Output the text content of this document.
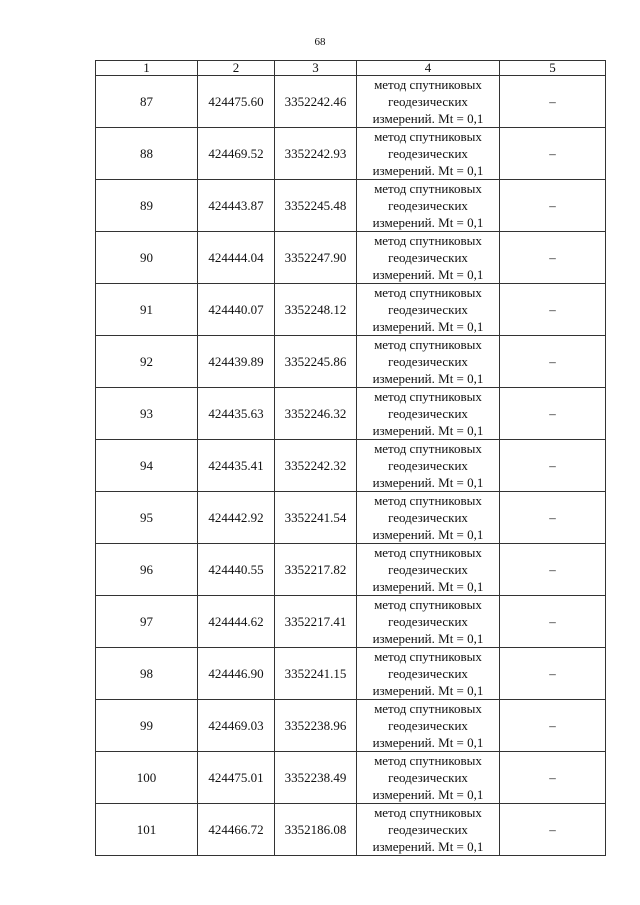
68
1	2	3	4	5
87	424475.60	3352242.46	метод спутниковых
геодезических
измерений. Mt = 0,1	–
88	424469.52	3352242.93	метод спутниковых
геодезических
измерений. Mt = 0,1	–
89	424443.87	3352245.48	метод спутниковых
геодезических
измерений. Mt = 0,1	–
90	424444.04	3352247.90	метод спутниковых
геодезических
измерений. Mt = 0,1	–
91	424440.07	3352248.12	метод спутниковых
геодезических
измерений. Mt = 0,1	–
92	424439.89	3352245.86	метод спутниковых
геодезических
измерений. Mt = 0,1	–
93	424435.63	3352246.32	метод спутниковых
геодезических
измерений. Mt = 0,1	–
94	424435.41	3352242.32	метод спутниковых
геодезических
измерений. Mt = 0,1	–
95	424442.92	3352241.54	метод спутниковых
геодезических
измерений. Mt = 0,1	–
96	424440.55	3352217.82	метод спутниковых
геодезических
измерений. Mt = 0,1	–
97	424444.62	3352217.41	метод спутниковых
геодезических
измерений. Mt = 0,1	–
98	424446.90	3352241.15	метод спутниковых
геодезических
измерений. Mt = 0,1	–
99	424469.03	3352238.96	метод спутниковых
геодезических
измерений. Mt = 0,1	–
100	424475.01	3352238.49	метод спутниковых
геодезических
измерений. Mt = 0,1	–
101	424466.72	3352186.08	метод спутниковых
геодезических
измерений. Mt = 0,1	–
